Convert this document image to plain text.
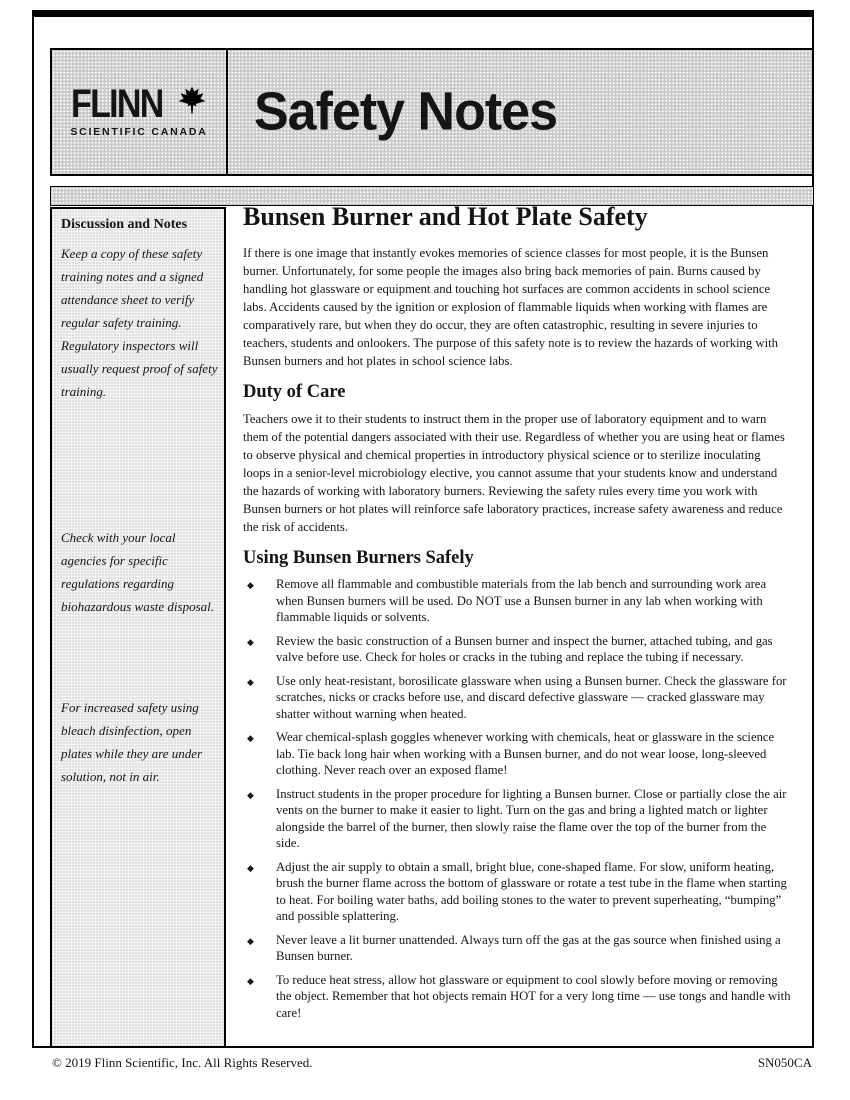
FLINN
SCIENTIFIC CANADA Safety Notes
Discussion and Notes

Keep a copy of these safety training notes and a signed attendance sheet to verify regular safety training. Regulatory inspectors will usually request proof of safety training.

Check with your local agencies for specific regulations regarding biohazardous waste disposal.

For increased safety using bleach disinfection, open plates while they are under solution, not in air.

Bunsen Burner and Hot Plate Safety

If there is one image that instantly evokes memories of science classes for most people, it is the Bunsen burner. Unfortunately, for some people the images also bring back memories of pain. Burns caused by handling hot glassware or equipment and touching hot surfaces are common accidents in school science labs. Accidents caused by the ignition or explosion of flammable liquids when working with flames are comparatively rare, but when they do occur, they are often catastrophic, resulting in severe injuries to teachers, students and onlookers. The purpose of this safety note is to review the hazards of working with Bunsen burners and hot plates in school science labs.

Duty of Care

Teachers owe it to their students to instruct them in the proper use of laboratory equipment and to warn them of the potential dangers associated with their use. Regardless of whether you are using heat or flames to observe physical and chemical properties in introductory physical science or to sterilize inoculating loops in a senior-level microbiology elective, you cannot assume that your students know and understand the hazards of working with laboratory burners. Reviewing the safety rules every time you work with Bunsen burners or hot plates will reinforce safe laboratory practices, increase safety awareness and reduce the risk of accidents.

Using Bunsen Burners Safely
◆ Remove all flammable and combustible materials from the lab bench and surrounding work area when Bunsen burners will be used. Do NOT use a Bunsen burner in any lab when working with flammable liquids or solvents.
◆ Review the basic construction of a Bunsen burner and inspect the burner, attached tubing, and gas valve before use. Check for holes or cracks in the tubing and replace the tubing if necessary.
◆ Use only heat-resistant, borosilicate glassware when using a Bunsen burner. Check the glassware for scratches, nicks or cracks before use, and discard defective glassware — cracked glassware may shatter without warning when heated.
◆ Wear chemical-splash goggles whenever working with chemicals, heat or glassware in the science lab. Tie back long hair when working with a Bunsen burner, and do not wear loose, long-sleeved clothing. Never reach over an exposed flame!
◆ Instruct students in the proper procedure for lighting a Bunsen burner. Close or partially close the air vents on the burner to make it easier to light. Turn on the gas and bring a lighted match or lighter alongside the barrel of the burner, then slowly raise the flame over the top of the burner from the side.
◆ Adjust the air supply to obtain a small, bright blue, cone-shaped flame. For slow, uniform heating, brush the burner flame across the bottom of glassware or rotate a test tube in the flame when starting to heat. For boiling water baths, add boiling stones to the water to prevent superheating, “bumping” and possible splattering.
◆ Never leave a lit burner unattended. Always turn off the gas at the gas source when finished using a Bunsen burner.
◆ To reduce heat stress, allow hot glassware or equipment to cool slowly before moving or removing the object. Remember that hot objects remain HOT for a very long time — use tongs and handle with care!
© 2019 Flinn Scientific, Inc. All Rights Reserved.	SN050CA
